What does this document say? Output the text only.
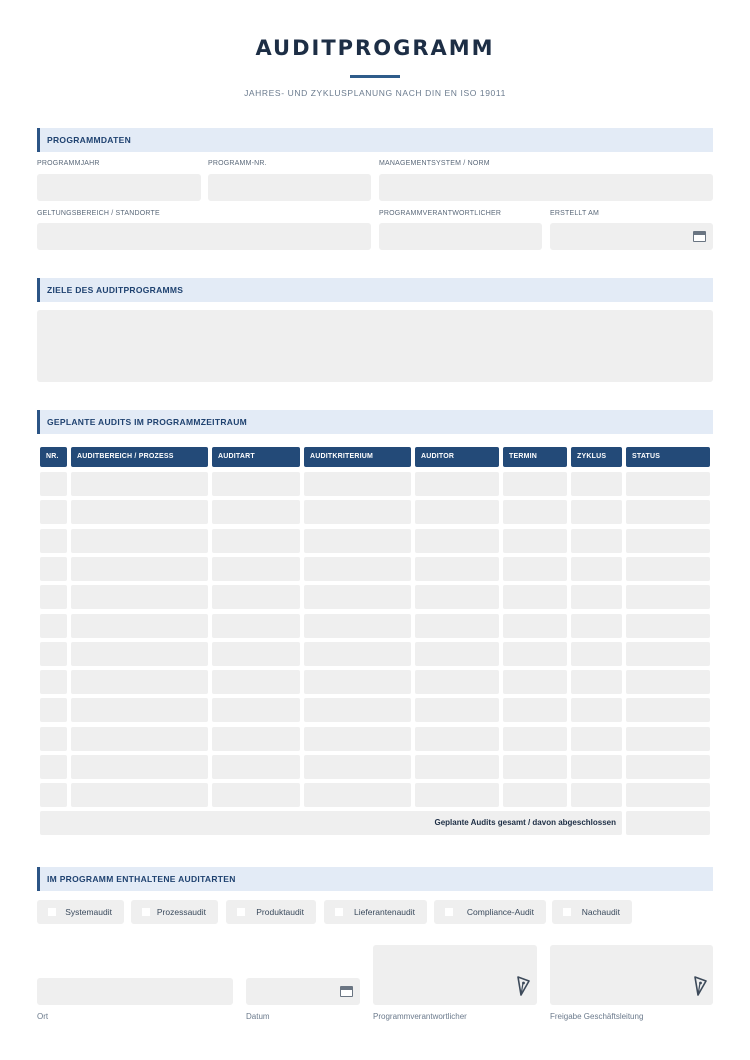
AUDITPROGRAMM
JAHRES- UND ZYKLUSPLANUNG NACH DIN EN ISO 19011
PROGRAMMDATEN
PROGRAMMJAHR	PROGRAMM-NR.	MANAGEMENTSYSTEM / NORM
GELTUNGSBEREICH / STANDORTE	PROGRAMMVERANTWORTLICHER	ERSTELLT AM
ZIELE DES AUDITPROGRAMMS
GEPLANTE AUDITS IM PROGRAMMZEITRAUM
NR.	AUDITBEREICH / PROZESS	AUDITART	AUDITKRITERIUM	AUDITOR	TERMIN	ZYKLUS	STATUS
Geplante Audits gesamt / davon abgeschlossen
IM PROGRAMM ENTHALTENE AUDITARTEN
Systemaudit	Prozessaudit	Produktaudit	Lieferantenaudit	Compliance-Audit	Nachaudit
Ort	Datum	Programmverantwortlicher	Freigabe Geschäftsleitung
